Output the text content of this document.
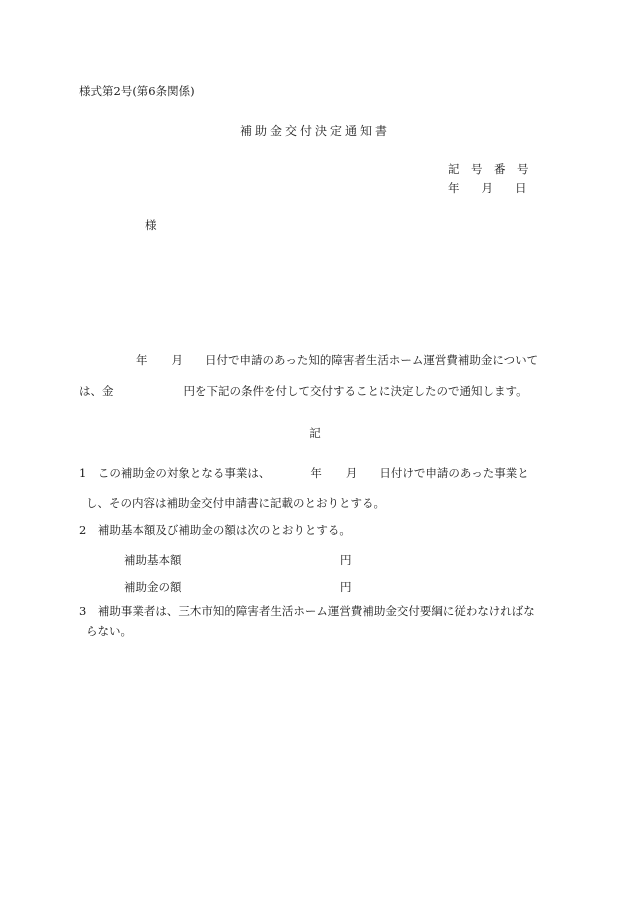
様式第2号(第6条関係)
補助金交付決定通知書
記　号　番　号
年 月 日
様
年 月 日付で申請のあった知的障害者生活ホーム運営費補助金について
は、金	円を下記の条件を付して交付することに決定したので通知します。
記
1　この補助金の対象となる事業は、	年 月 日付けで申請のあった事業と
し、その内容は補助金交付申請書に記載のとおりとする。
2　補助基本額及び補助金の額は次のとおりとする。
補助基本額	円
補助金の額	円
3　補助事業者は、三木市知的障害者生活ホーム運営費補助金交付要綱に従わなければな
らない。
